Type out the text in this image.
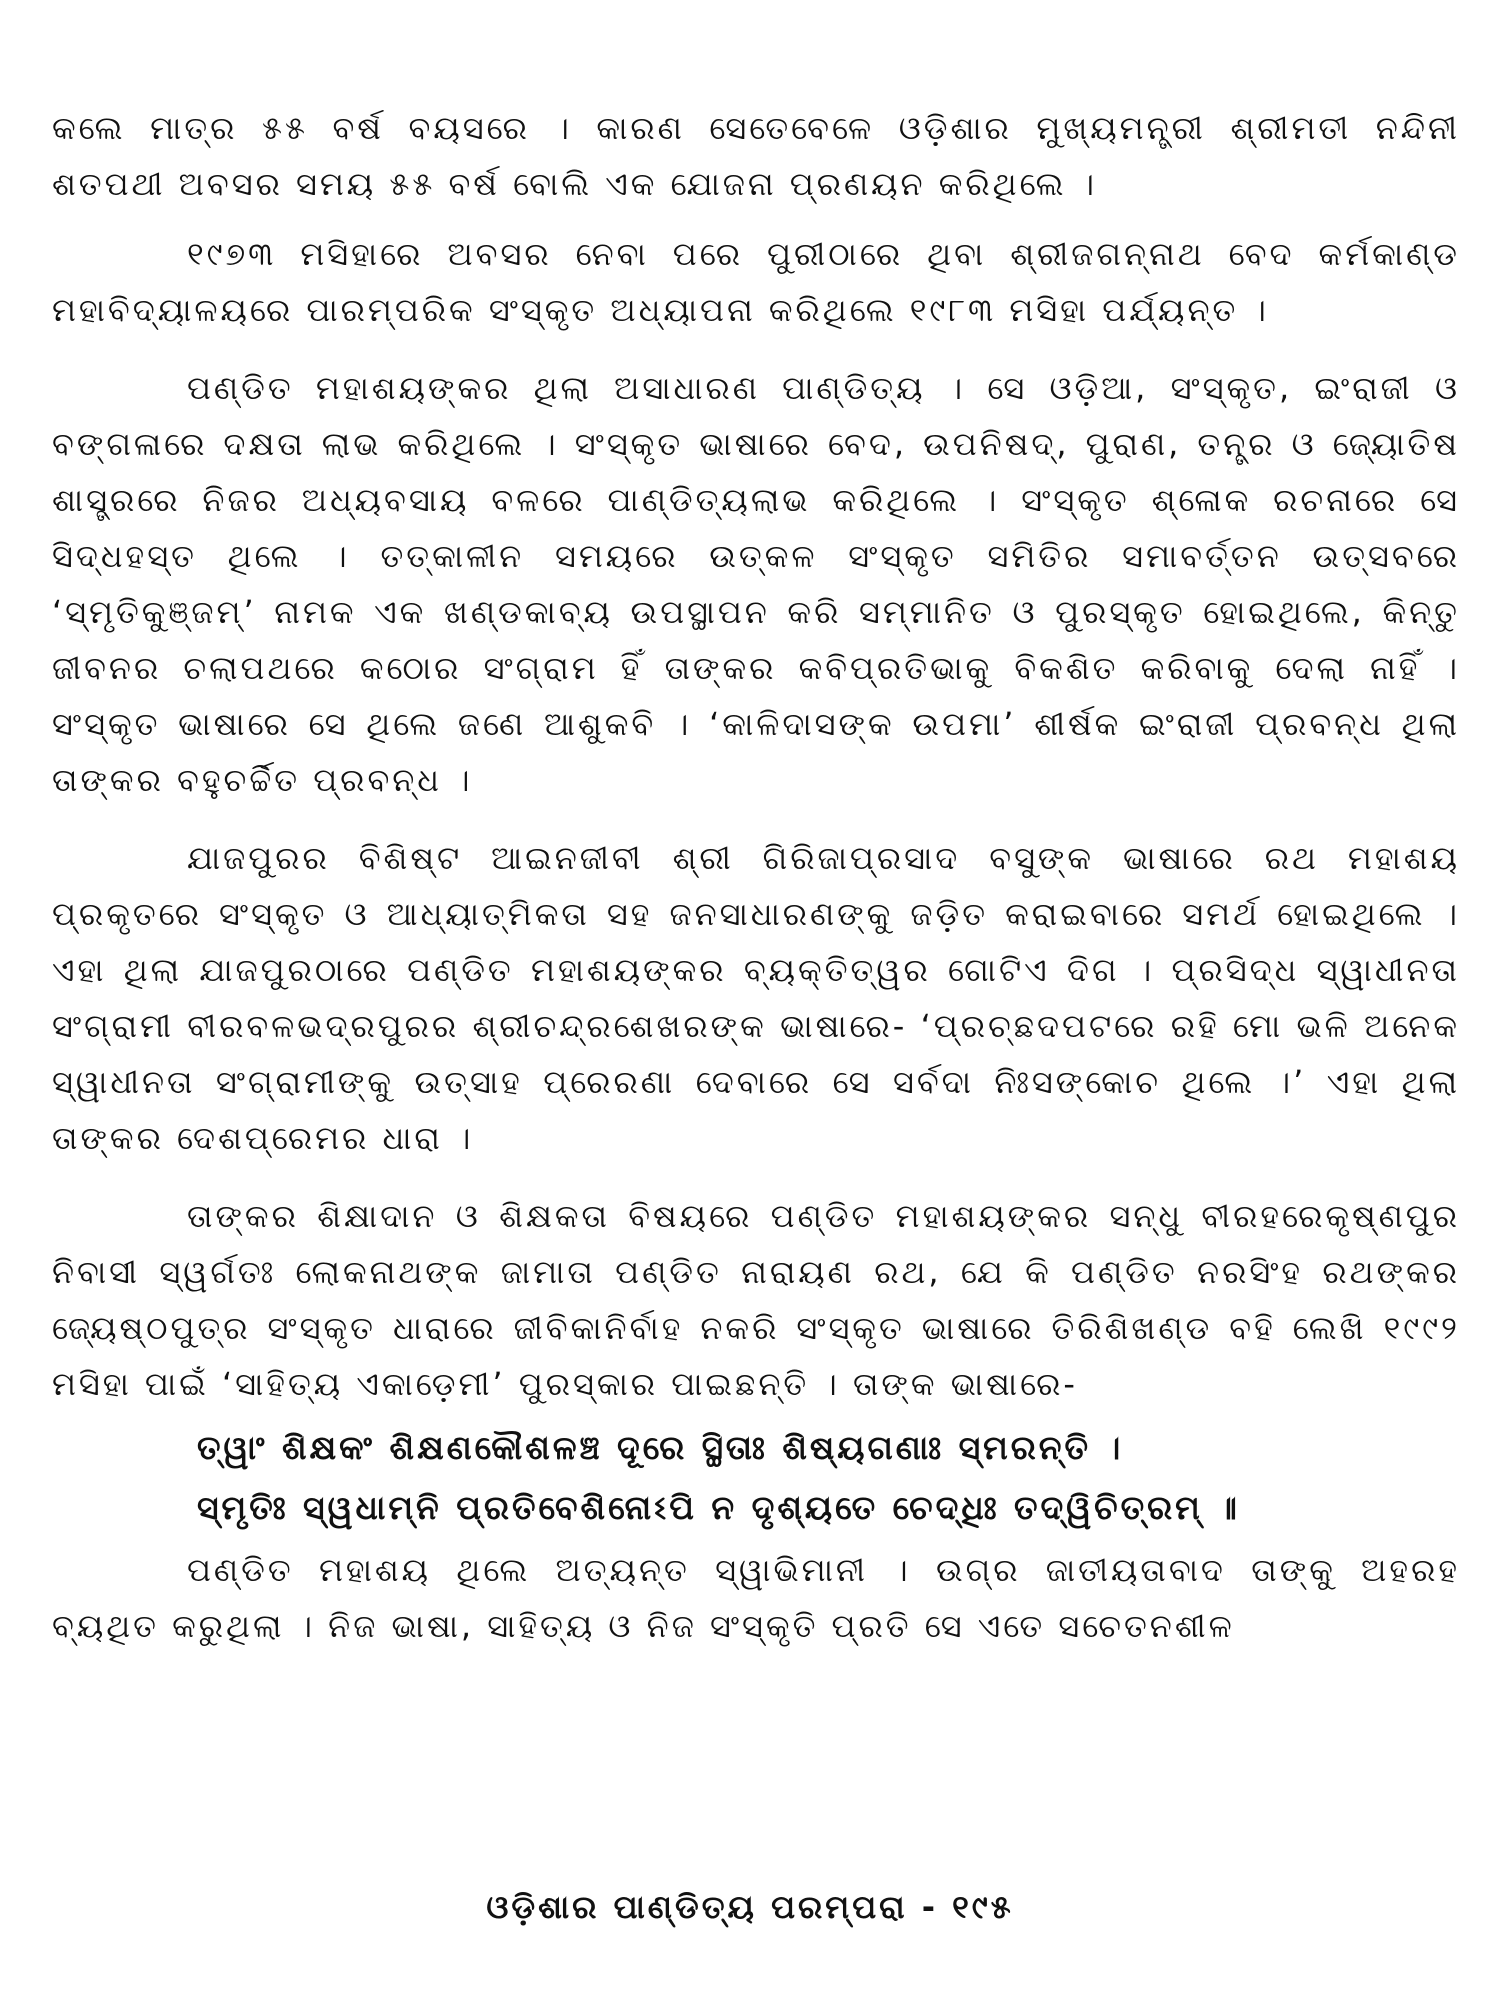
କଲେ ମାତ୍ର ୫୫ ବର୍ଷ ବୟସରେ । କାରଣ ସେତେବେଳେ ଓଡ଼ିଶାର ମୁଖ୍ୟମନ୍ତ୍ରୀ ଶ୍ରୀମତୀ ନନ୍ଦିନୀ ଶତପଥୀ ଅବସର ସମୟ ୫୫ ବର୍ଷ ବୋଲି ଏକ ଯୋଜନା ପ୍ରଣୟନ କରିଥିଲେ ।

୧୯୭୩ ମସିହାରେ ଅବସର ନେବା ପରେ ପୁରୀଠାରେ ଥିବା ଶ୍ରୀଜଗନ୍ନାଥ ବେଦ କର୍ମକାଣ୍ଡ ମହାବିଦ୍ୟାଳୟରେ ପାରମ୍ପରିକ ସଂସ୍କୃତ ଅଧ୍ୟାପନା କରିଥିଲେ ୧୯୮୩ ମସିହା ପର୍ଯ୍ୟନ୍ତ ।

ପଣ୍ଡିତ ମହାଶୟଙ୍କର ଥିଲା ଅସାଧାରଣ ପାଣ୍ଡିତ୍ୟ । ସେ ଓଡ଼ିଆ, ସଂସ୍କୃତ, ଇଂରାଜୀ ଓ ବଙ୍ଗଳାରେ ଦକ୍ଷତା ଲାଭ କରିଥିଲେ । ସଂସ୍କୃତ ଭାଷାରେ ବେଦ, ଉପନିଷଦ୍, ପୁରାଣ, ତନ୍ତ୍ର ଓ ଜ୍ୟୋତିଷ ଶାସ୍ତ୍ରରେ ନିଜର ଅଧ୍ୟବସାୟ ବଳରେ ପାଣ୍ଡିତ୍ୟଲାଭ କରିଥିଲେ । ସଂସ୍କୃତ ଶ୍ଳୋକ ରଚନାରେ ସେ ସିଦ୍ଧହସ୍ତ ଥିଲେ । ତତ୍କାଳୀନ ସମୟରେ ଉତ୍କଳ ସଂସ୍କୃତ ସମିତିର ସମାବର୍ତ୍ତନ ଉତ୍ସବରେ ‘ସ୍ମୃତିକୁଞ୍ଜମ୍’ ନାମକ ଏକ ଖଣ୍ଡକାବ୍ୟ ଉପସ୍ଥାପନ କରି ସମ୍ମାନିତ ଓ ପୁରସ୍କୃତ ହୋଇଥିଲେ, କିନ୍ତୁ ଜୀବନର ଚଲାପଥରେ କଠୋର ସଂଗ୍ରାମ ହିଁ ତାଙ୍କର କବିପ୍ରତିଭାକୁ ବିକଶିତ କରିବାକୁ ଦେଲା ନାହିଁ । ସଂସ୍କୃତ ଭାଷାରେ ସେ ଥିଲେ ଜଣେ ଆଶୁକବି । ‘କାଳିଦାସଙ୍କ ଉପମା’ ଶୀର୍ଷକ ଇଂରାଜୀ ପ୍ରବନ୍ଧ ଥିଲା ତାଙ୍କର ବହୁଚର୍ଚ୍ଚିତ ପ୍ରବନ୍ଧ ।

ଯାଜପୁରର ବିଶିଷ୍ଟ ଆଇନଜୀବୀ ଶ୍ରୀ ଗିରିଜାପ୍ରସାଦ ବସୁଙ୍କ ଭାଷାରେ ରଥ ମହାଶୟ ପ୍ରକୃତରେ ସଂସ୍କୃତ ଓ ଆଧ୍ୟାତ୍ମିକତା ସହ ଜନସାଧାରଣଙ୍କୁ ଜଡ଼ିତ କରାଇବାରେ ସମର୍ଥ ହୋଇଥିଲେ । ଏହା ଥିଲା ଯାଜପୁରଠାରେ ପଣ୍ଡିତ ମହାଶୟଙ୍କର ବ୍ୟକ୍ତିତ୍ୱର ଗୋଟିଏ ଦିଗ । ପ୍ରସିଦ୍ଧ ସ୍ୱାଧୀନତା ସଂଗ୍ରାମୀ ବୀରବଳଭଦ୍ରପୁରର ଶ୍ରୀଚନ୍ଦ୍ରଶେଖରଙ୍କ ଭାଷାରେ- ‘ପ୍ରଚ୍ଛଦପଟରେ ରହି ମୋ ଭଳି ଅନେକ ସ୍ୱାଧୀନତା ସଂଗ୍ରାମୀଙ୍କୁ ଉତ୍ସାହ ପ୍ରେରଣା ଦେବାରେ ସେ ସର୍ବଦା ନିଃସଙ୍କୋଚ ଥିଲେ ।’ ଏହା ଥିଲା ତାଙ୍କର ଦେଶପ୍ରେମର ଧାରା ।

ତାଙ୍କର ଶିକ୍ଷାଦାନ ଓ ଶିକ୍ଷକତା ବିଷୟରେ ପଣ୍ଡିତ ମହାଶୟଙ୍କର ସନ୍ଧୁ ବୀରହରେକୃଷ୍ଣପୁର ନିବାସୀ ସ୍ୱର୍ଗତଃ ଲୋକନାଥଙ୍କ ଜାମାତା ପଣ୍ଡିତ ନାରାୟଣ ରଥ, ଯେ କି ପଣ୍ଡିତ ନରସିଂହ ରଥଙ୍କର ଜ୍ୟେଷ୍ଠପୁତ୍ର ସଂସ୍କୃତ ଧାରାରେ ଜୀବିକାନିର୍ବାହ ନକରି ସଂସ୍କୃତ ଭାଷାରେ ତିରିଶିଖଣ୍ଡ ବହି ଲେଖି ୧୯୯୨ ମସିହା ପାଇଁ ‘ସାହିତ୍ୟ ଏକାଡ଼େମୀ’ ପୁରସ୍କାର ପାଇଛନ୍ତି । ତାଙ୍କ ଭାଷାରେ-

ତ୍ୱାଂ ଶିକ୍ଷକଂ ଶିକ୍ଷଣକୌଶଳଞ୍ଚ ଦୂରେ ସ୍ଥିତାଃ ଶିଷ୍ୟଗଣାଃ ସ୍ମରନ୍ତି ।
ସ୍ମୃତିଃ ସ୍ୱଧାମ୍ନି ପ୍ରତିବେଶିନୋଽପି ନ ଦୃଶ୍ୟତେ ଚେଦ୍ଧିଃ ତଦ୍ୱିଚିତ୍ରମ୍ ॥

ପଣ୍ଡିତ ମହାଶୟ ଥିଲେ ଅତ୍ୟନ୍ତ ସ୍ୱାଭିମାନୀ । ଉଗ୍ର ଜାତୀୟତାବାଦ ତାଙ୍କୁ ଅହରହ ବ୍ୟଥିତ କରୁଥିଲା । ନିଜ ଭାଷା, ସାହିତ୍ୟ ଓ ନିଜ ସଂସ୍କୃତି ପ୍ରତି ସେ ଏତେ ସଚେତନଶୀଳ

ଓଡ଼ିଶାର ପାଣ୍ଡିତ୍ୟ ପରମ୍ପରା - ୧୯୫
